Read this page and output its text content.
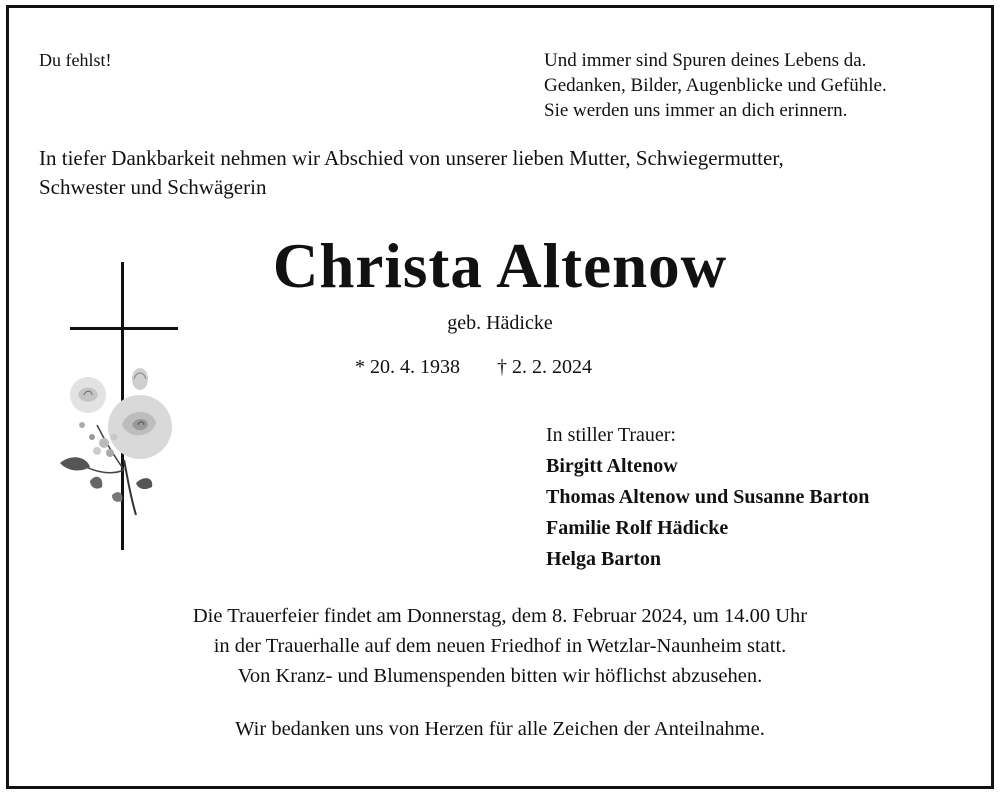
Du fehlst!	Und immer sind Spuren deines Lebens da.
Gedanken, Bilder, Augenblicke und Gefühle.
Sie werden uns immer an dich erinnern.
In tiefer Dankbarkeit nehmen wir Abschied von unserer lieben Mutter, Schwiegermutter,
Schwester und Schwägerin
Christa Altenow
geb. Hädicke
* 20. 4. 1938 † 2. 2. 2024
In stiller Trauer:
Birgitt Altenow
Thomas Altenow und Susanne Barton
Familie Rolf Hädicke
Helga Barton
Die Trauerfeier findet am Donnerstag, dem 8. Februar 2024, um 14.00 Uhr
in der Trauerhalle auf dem neuen Friedhof in Wetzlar-Naunheim statt.
Von Kranz- und Blumenspenden bitten wir höflichst abzusehen.
Wir bedanken uns von Herzen für alle Zeichen der Anteilnahme.
